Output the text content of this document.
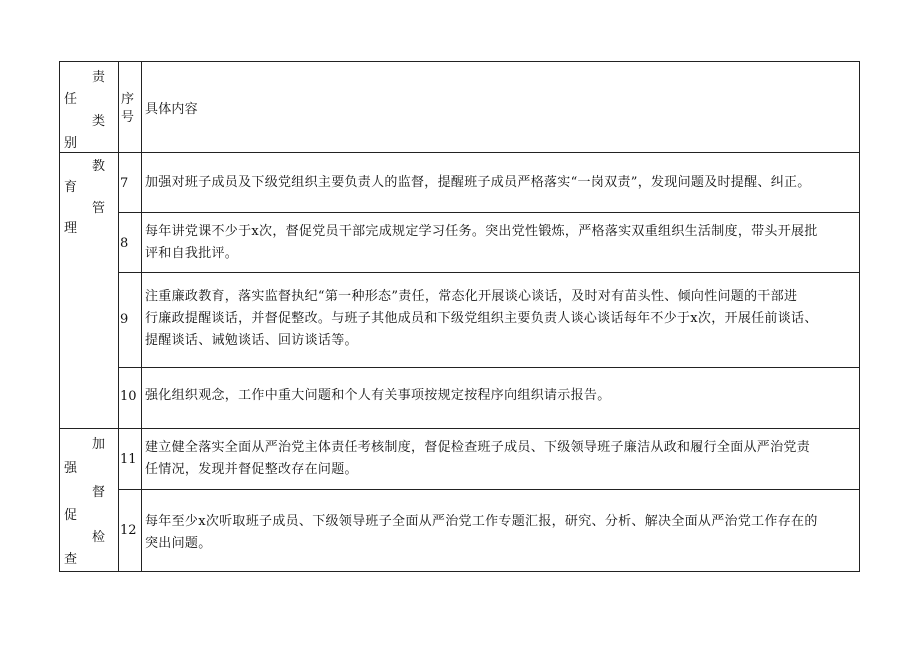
责
任
类
别
序
号
具体内容
教
育
管
理
加
强
督
促
检
查
7 加强对班子成员及下级党组织主要负责人的监督，提醒班子成员严格落实“一岗双责”，发现问题及时提醒、纠正。
8
每年讲党课不少于x次，督促党员干部完成规定学习任务。突出党性锻炼，严格落实双重组织生活制度，带头开展批
评和自我批评。
9
注重廉政教育，落实监督执纪“第一种形态”责任，常态化开展谈心谈话，及时对有苗头性、倾向性问题的干部进
行廉政提醒谈话，并督促整改。与班子其他成员和下级党组织主要负责人谈心谈话每年不少于x次，开展任前谈话、
提醒谈话、诫勉谈话、回访谈话等。
10 强化组织观念，工作中重大问题和个人有关事项按规定按程序向组织请示报告。
11
建立健全落实全面从严治党主体责任考核制度，督促检查班子成员、下级领导班子廉洁从政和履行全面从严治党责
任情况，发现并督促整改存在问题。
12
每年至少x次听取班子成员、下级领导班子全面从严治党工作专题汇报，研究、分析、解决全面从严治党工作存在的
突出问题。
